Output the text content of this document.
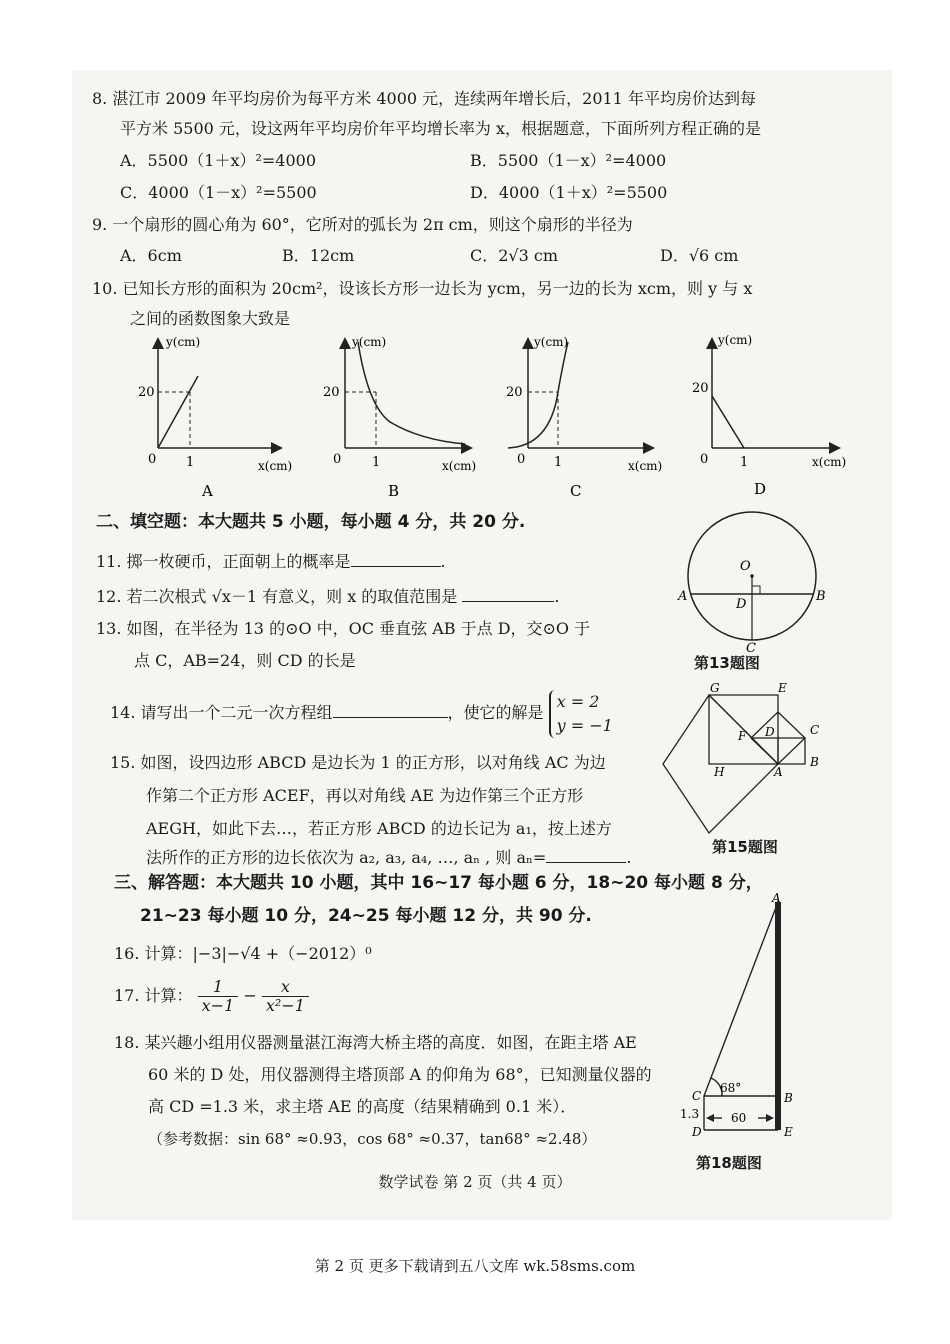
8. 湛江市 2009 年平均房价为每平方米 4000 元，连续两年增长后，2011 年平均房价达到每
平方米 5500 元，设这两年平均房价年平均增长率为 x，根据题意，下面所列方程正确的是
A．5500（1＋x）²=4000	B．5500（1－x）²=4000
C．4000（1－x）²=5500	D．4000（1＋x）²=5500
9. 一个扇形的圆心角为 60°，它所对的弧长为 2π cm，则这个扇形的半径为
A．6cm	B．12cm	C．2√3 cm	D．√6 cm
10. 已知长方形的面积为 20cm²，设该长方形一边长为 ycm，另一边的长为 xcm，则 y 与 x
之间的函数图象大致是
y(cm)
20
0 1	x(cm)
A
y(cm)
20
0 1	x(cm)
B
y(cm)
20
0 1	x(cm)
C
y(cm)
20
0 1	x(cm)
D
二、填空题：本大题共 5 小题，每小题 4 分，共 20 分.
11. 掷一枚硬币，正面朝上的概率是	.
12. 若二次根式 √x－1 有意义，则 x 的取值范围是	.
13. 如图，在半径为 13 的⊙O 中，OC 垂直弦 AB 于点 D，交⊙O 于
点 C，AB=24，则 CD 的长是
O
A	B
D
C
第13题图
14. 请写出一个二元一次方程组	，使它的解是
x = 2
y = −1
15. 如图，设四边形 ABCD 是边长为 1 的正方形，以对角线 AC 为边
作第二个正方形 ACEF，再以对角线 AE 为边作第三个正方形
AEGH，如此下去…，若正方形 ABCD 的边长记为 a₁，按上述方
法所作的正方形的边长依次为 a₂, a₃, a₄, …, aₙ , 则 aₙ=	.
G	E
C
F D
H	A
B
第15题图
三、解答题：本大题共 10 小题，其中 16~17 每小题 6 分，18~20 每小题 8 分，
21~23 每小题 10 分，24~25 每小题 12 分，共 90 分.
16. 计算：|−3|−√4 +（−2012）⁰
17. 计算： $\frac{1}{x-1} - \frac{x}{\text{x²−1}}$
18. 某兴趣小组用仪器测量湛江海湾大桥主塔的高度．如图，在距主塔 AE
60 米的 D 处，用仪器测得主塔顶部 A 的仰角为 68°，已知测量仪器的
高 CD =1.3 米，求主塔 AE 的高度（结果精确到 0.1 米）．
（参考数据：sin 68° ≈0.93，cos 68° ≈0.37，tan68° ≈2.48）
A
C
68°
B
1.3
D
60
E
第18题图
数学试卷 第 2 页（共 4 页）
第 2 页 更多下载请到五八文库 wk.58sms.com
